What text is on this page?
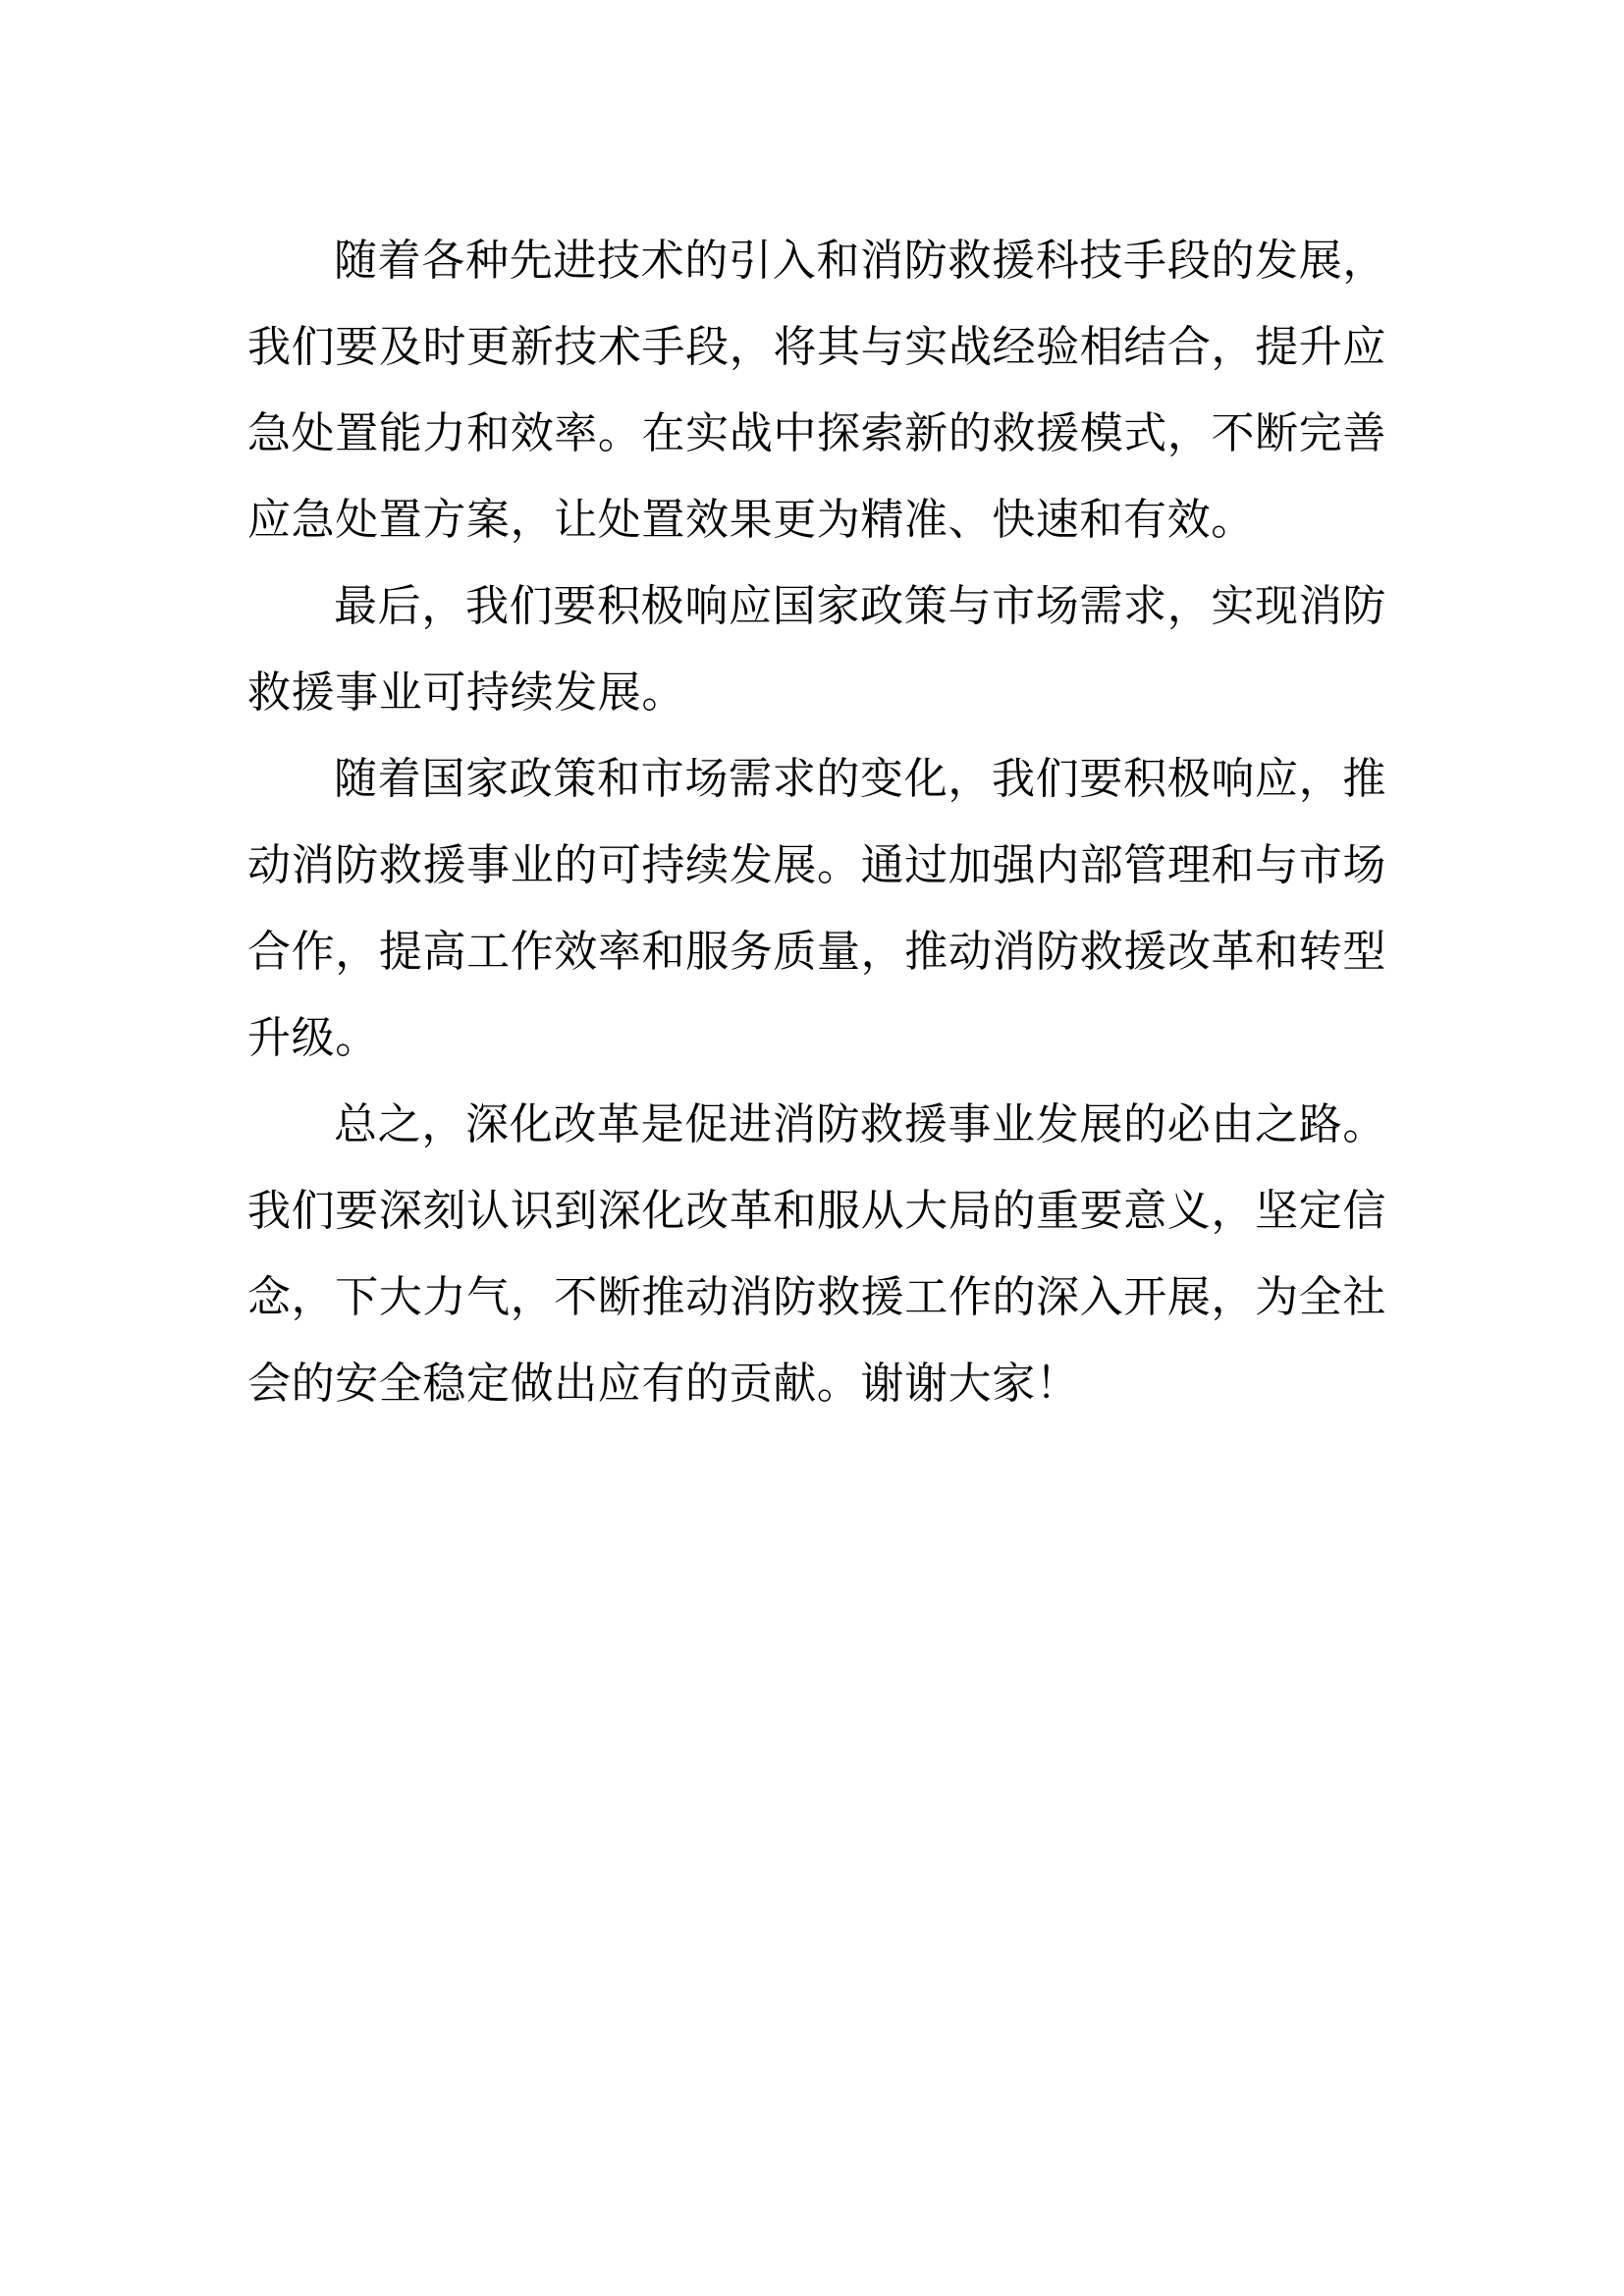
随着各种先进技术的引入和消防救援科技手段的发展，我们要及时更新技术手段，将其与实战经验相结合，提升应急处置能力和效率。在实战中探索新的救援模式，不断完善应急处置方案，让处置效果更为精准、快速和有效。

最后，我们要积极响应国家政策与市场需求，实现消防救援事业可持续发展。

随着国家政策和市场需求的变化，我们要积极响应，推动消防救援事业的可持续发展。通过加强内部管理和与市场合作，提高工作效率和服务质量，推动消防救援改革和转型升级。

总之，深化改革是促进消防救援事业发展的必由之路。我们要深刻认识到深化改革和服从大局的重要意义，坚定信念，下大力气，不断推动消防救援工作的深入开展，为全社会的安全稳定做出应有的贡献。谢谢大家！
